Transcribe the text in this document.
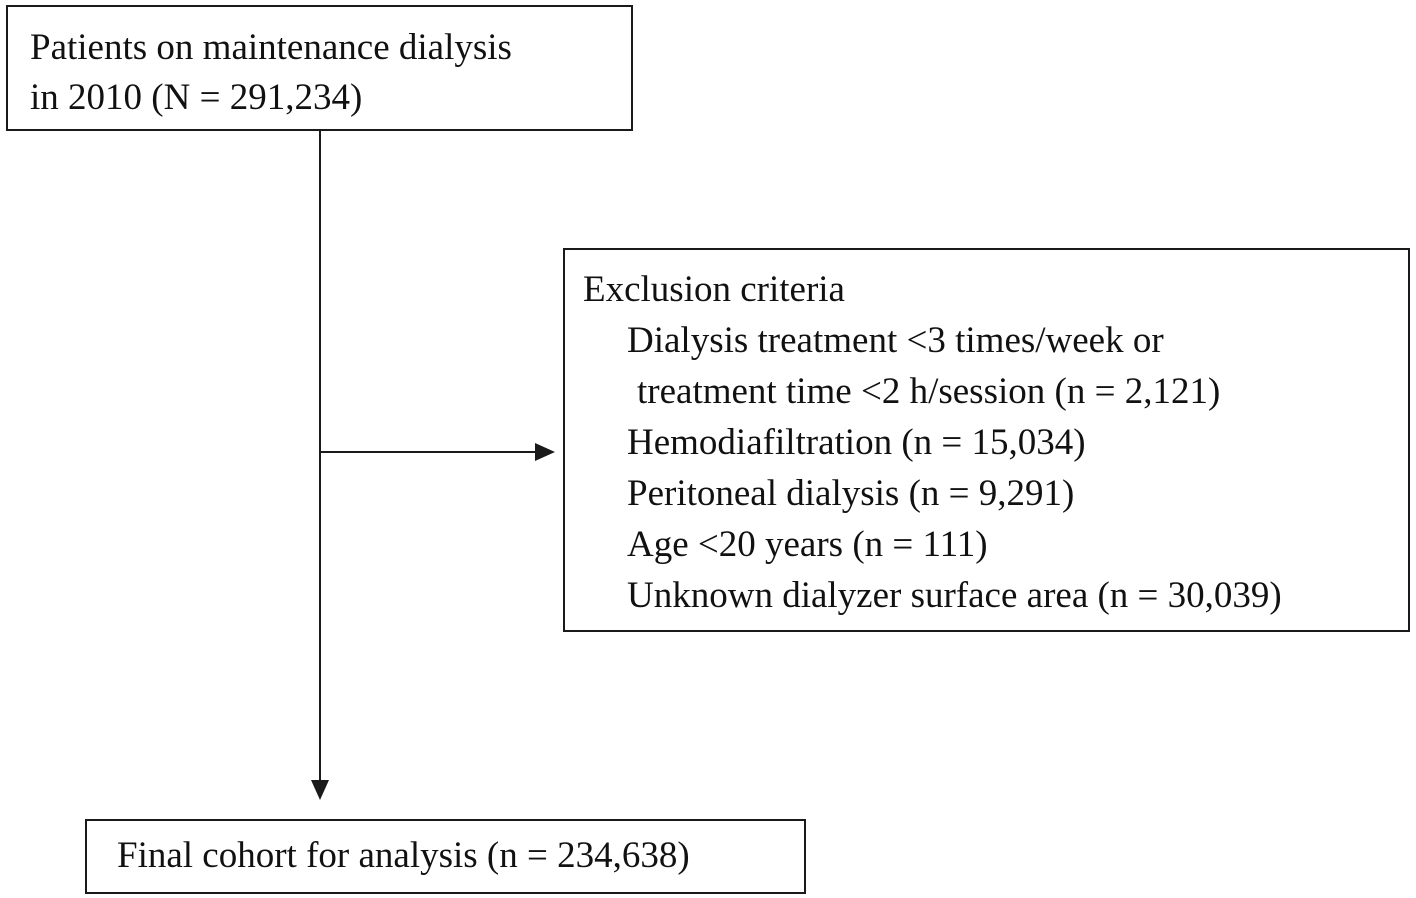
Patients on maintenance dialysis
in 2010 (N = 291,234)
Exclusion criteria
Dialysis treatment <3 times/week or
treatment time <2 h/session (n = 2,121)
Hemodiafiltration (n = 15,034)
Peritoneal dialysis (n = 9,291)
Age <20 years (n = 111)
Unknown dialyzer surface area (n = 30,039)
Final cohort for analysis (n = 234,638)
